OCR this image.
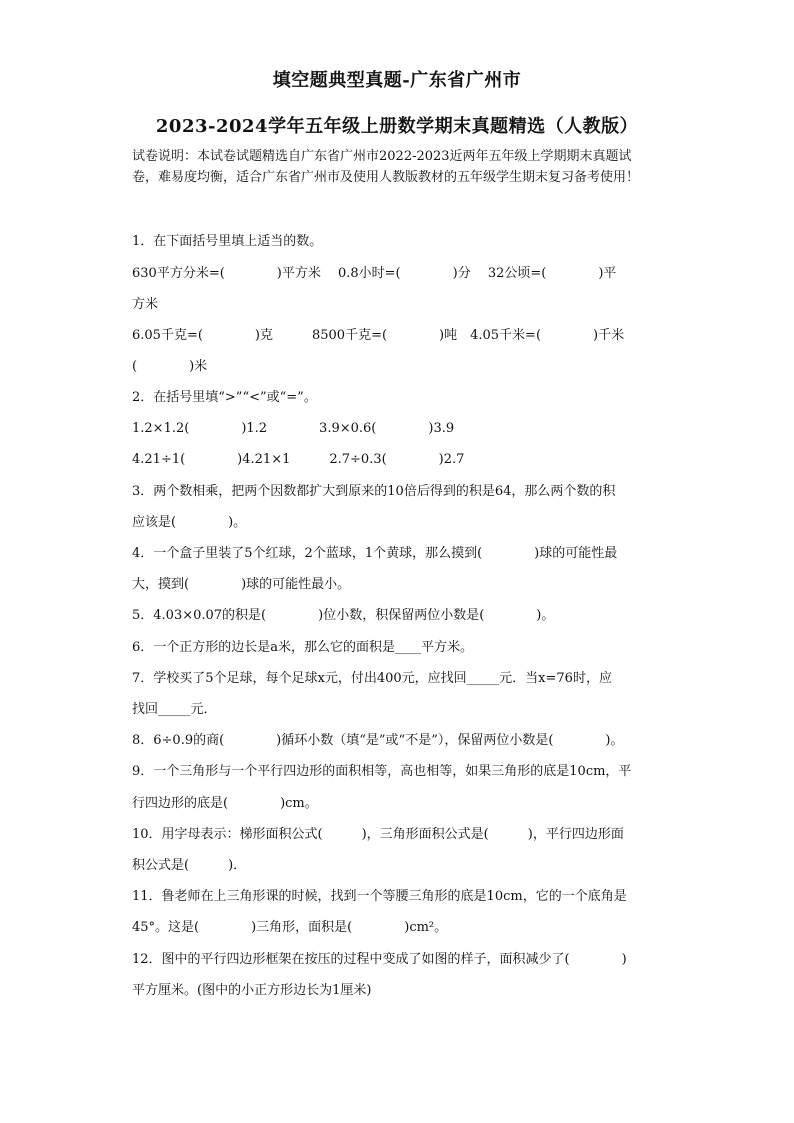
填空题典型真题-广东省广州市
2023-2024学年五年级上册数学期末真题精选（人教版）
试卷说明：本试卷试题精选自广东省广州市2022-2023近两年五年级上学期期末真题试
卷，难易度均衡，适合广东省广州市及使用人教版教材的五年级学生期末复习备考使用！
1．在下面括号里填上适当的数。
630平方分米=(　　　　)平方米　 0.8小时=(　　　　)分　 32公顷=(　　　　)平
方米
6.05千克=(　　　　)克　　　8500千克=(　　　　)吨　4.05千米=(　　　　)千米
(　　　　)米
2．在括号里填“>”“<”或“=”。
1.2×1.2(　　　　)1.2　　　　3.9×0.6(　　　　)3.9
4.21÷1(　　　　)4.21×1　　　2.7÷0.3(　　　　)2.7
3．两个数相乘，把两个因数都扩大到原来的10倍后得到的积是64，那么两个数的积
应该是(　　　　)。
4．一个盒子里装了5个红球，2个蓝球，1个黄球，那么摸到(　　　　)球的可能性最
大，摸到(　　　　)球的可能性最小。
5．4.03×0.07的积是(　　　　)位小数，积保留两位小数是(　　　　)。
6．一个正方形的边长是a米，那么它的面积是____平方米。
7．学校买了5个足球，每个足球x元，付出400元，应找回_____元．当x=76时，应
找回_____元．
8．6÷0.9的商(　　　　)循环小数（填“是”或“不是”），保留两位小数是(　　　　)。
9．一个三角形与一个平行四边形的面积相等，高也相等，如果三角形的底是10cm，平
行四边形的底是(　　　　)cm。
10．用字母表示：梯形面积公式(　　　)，三角形面积公式是(　　　)，平行四边形面
积公式是(　　　)．
11．鲁老师在上三角形课的时候，找到一个等腰三角形的底是10cm，它的一个底角是
45°。这是(　　　　)三角形，面积是(　　　　)cm²。
12．图中的平行四边形框架在按压的过程中变成了如图的样子，面积减少了(　　　　)
平方厘米。(图中的小正方形边长为1厘米)
